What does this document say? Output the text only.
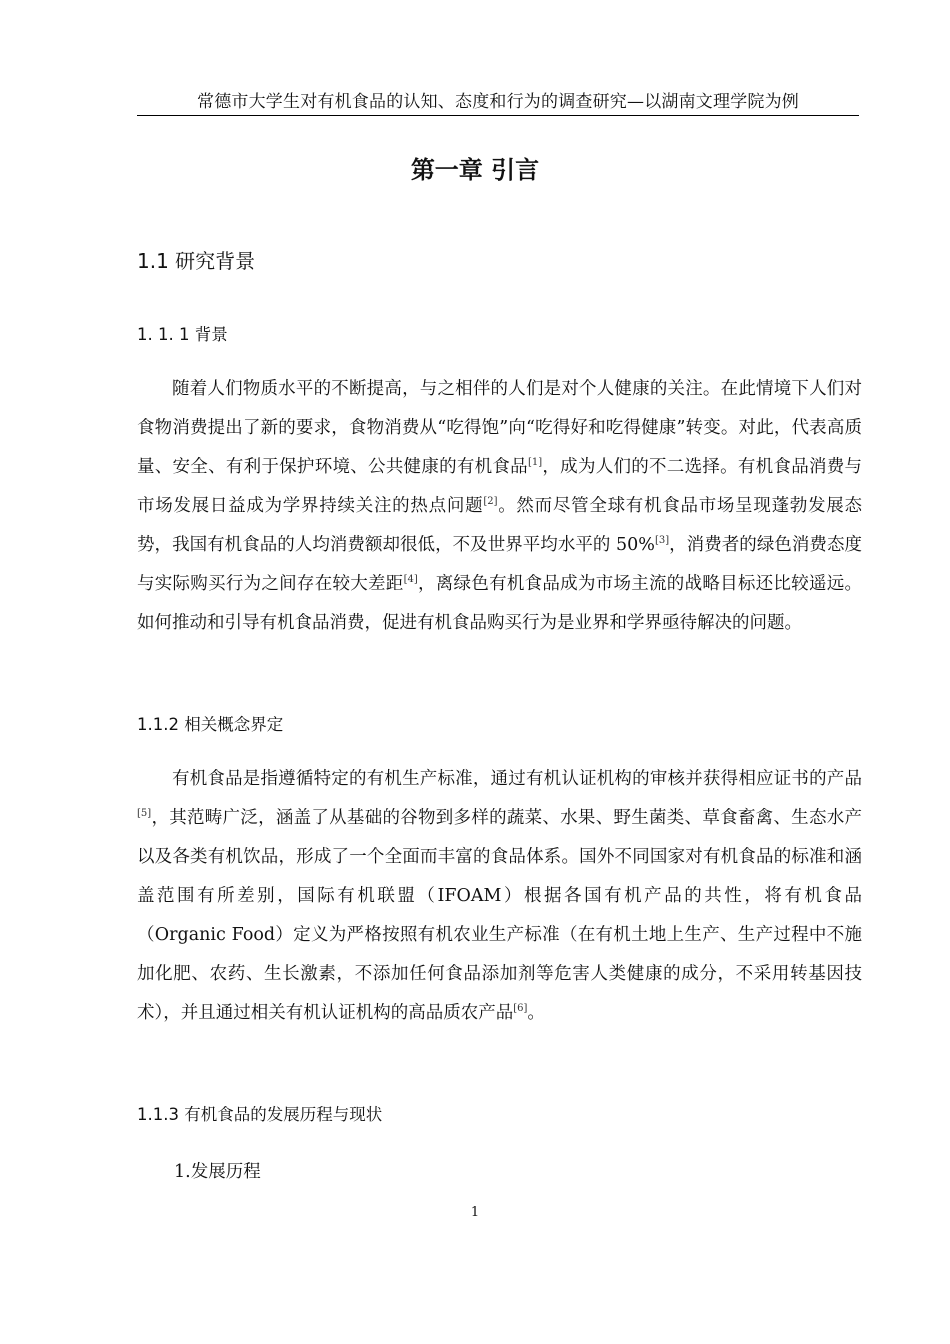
常德市大学生对有机食品的认知、态度和行为的调查研究—以湖南文理学院为例
第一章 引言
1.1 研究背景
1. 1. 1 背景

随着人们物质水平的不断提高，与之相伴的人们是对个人健康的关注。在此情境下人们对食物消费提出了新的要求，食物消费从“吃得饱”向“吃得好和吃得健康”转变。对此，代表高质量、安全、有利于保护环境、公共健康的有机食品[1]，成为人们的不二选择。有机食品消费与市场发展日益成为学界持续关注的热点问题[2]。然而尽管全球有机食品市场呈现蓬勃发展态势，我国有机食品的人均消费额却很低，不及世界平均水平的 50%[3]，消费者的绿色消费态度与实际购买行为之间存在较大差距[4]，离绿色有机食品成为市场主流的战略目标还比较遥远。如何推动和引导有机食品消费，促进有机食品购买行为是业界和学界亟待解决的问题。

1.1.2 相关概念界定

有机食品是指遵循特定的有机生产标准，通过有机认证机构的审核并获得相应证书的产品[5]，其范畴广泛，涵盖了从基础的谷物到多样的蔬菜、水果、野生菌类、草食畜禽、生态水产以及各类有机饮品，形成了一个全面而丰富的食品体系。国外不同国家对有机食品的标准和涵盖范围有所差别，国际有机联盟（IFOAM）根据各国有机产品的共性，将有机食品（Organic Food）定义为严格按照有机农业生产标准（在有机土地上生产、生产过程中不施加化肥、农药、生长激素，不添加任何食品添加剂等危害人类健康的成分，不采用转基因技术），并且通过相关有机认证机构的高品质农产品[6]。

1.1.3 有机食品的发展历程与现状
1.发展历程
1
